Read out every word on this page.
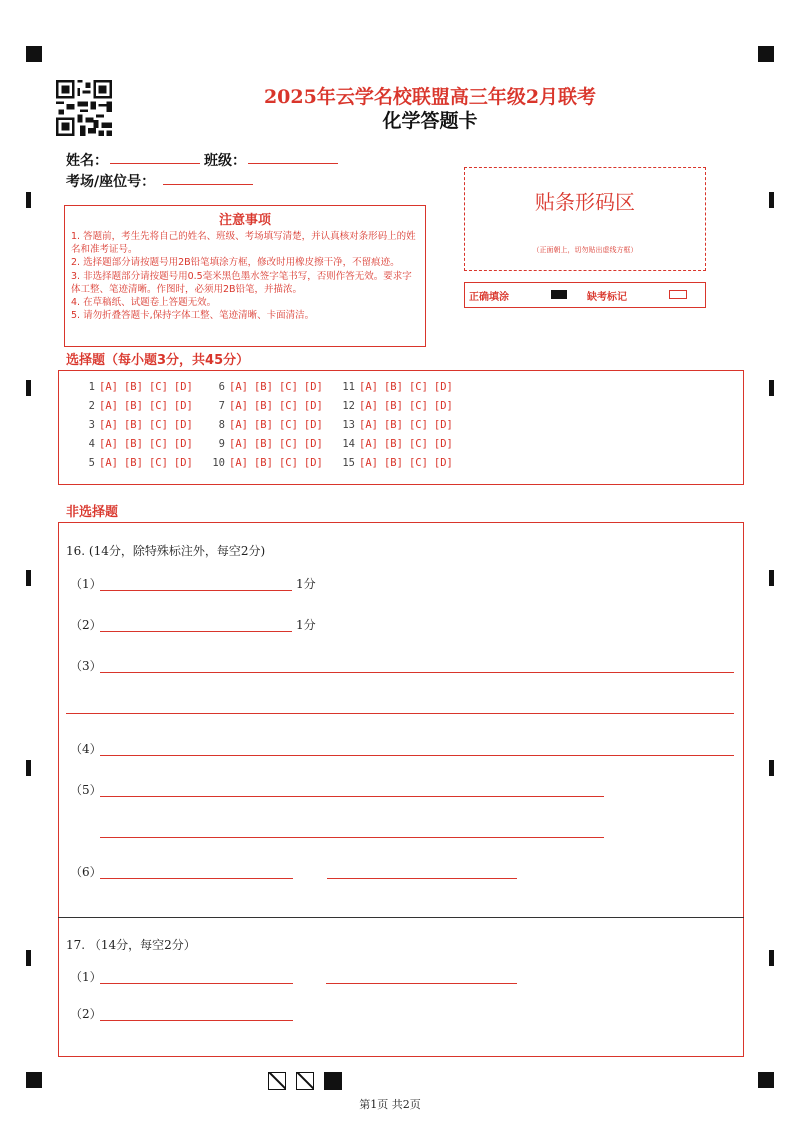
2025年云学名校联盟高三年级2月联考
化学答题卡
姓名：	班级：
考场/座位号：
注意事项

1. 答题前，考生先将自己的姓名、班级、考场填写清楚，并认真核对条形码上的姓名和准考证号。

2. 选择题部分请按题号用2B铅笔填涂方框，修改时用橡皮擦干净，不留痕迹。

3. 非选择题部分请按题号用0.5毫米黑色墨水签字笔书写，否则作答无效。要求字体工整、笔迹清晰。作图时，必须用2B铅笔，并描浓。

4. 在草稿纸、试题卷上答题无效。

5. 请勿折叠答题卡,保持字体工整、笔迹清晰、卡面清洁。

贴条形码区
（正面朝上，切勿贴出虚线方框）
正确填涂	缺考标记
选择题（每小题3分，共45分）
1 [A] [B] [C] [D]
2 [A] [B] [C] [D]
3 [A] [B] [C] [D]
4 [A] [B] [C] [D]
5 [A] [B] [C] [D]
6 [A] [B] [C] [D]
7 [A] [B] [C] [D]
8 [A] [B] [C] [D]
9 [A] [B] [C] [D]
10 [A] [B] [C] [D]
11 [A] [B] [C] [D]
12 [A] [B] [C] [D]
13 [A] [B] [C] [D]
14 [A] [B] [C] [D]
15 [A] [B] [C] [D]
非选择题
16. (14分，除特殊标注外，每空2分)
（1）	1分
（2）	1分
（3）
（4）
（5）
（6）
17. （14分，每空2分）
（1）
（2）
第1页 共2页
